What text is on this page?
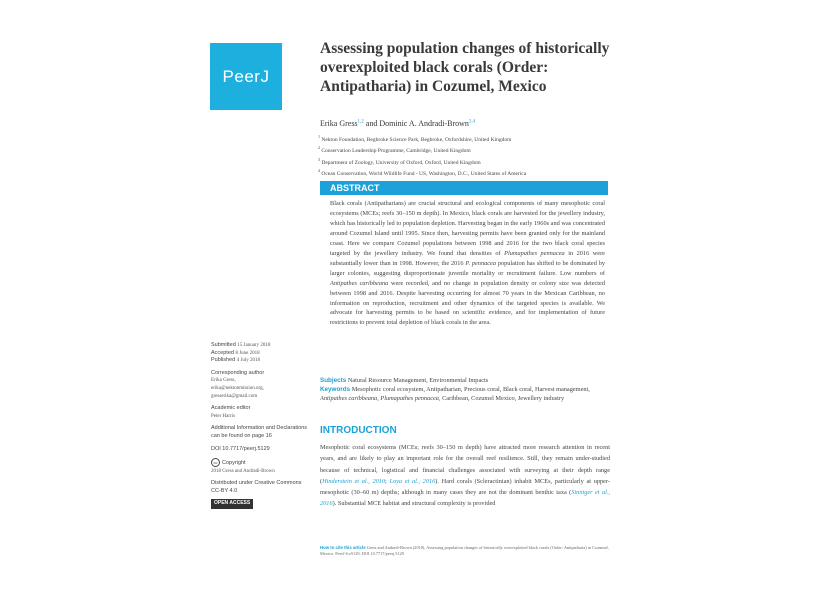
PeerJ
Assessing population changes of historically overexploited black corals (Order: Antipatharia) in Cozumel, Mexico
Erika Gress$^{1,2}$ and Dominic A. Andradi-Brown$^{3,4}$
$^1$ Nekton Foundation, Begbroke Science Park, Begbroke, Oxfordshire, United Kingdom
$^2$ Conservation Leadership Programme, Cambridge, United Kingdom
$^3$ Department of Zoology, University of Oxford, Oxford, United Kingdom
$^4$ Ocean Conservation, World Wildlife Fund - US, Washington, D.C., United States of America
ABSTRACT
Black corals (Antipatharians) are crucial structural and ecological components of many mesophotic coral ecosystems (MCEs; reefs 30–150 m depth). In Mexico, black corals are harvested for the jewellery industry, which has historically led to population depletion. Harvesting began in the early 1960s and was concentrated around Cozumel Island until 1995. Since then, harvesting permits have been granted only for the mainland coast. Here we compare Cozumel populations between 1998 and 2016 for the two black coral species targeted by the jewellery industry. We found that densities of Plumapathes pennacea in 2016 were substantially lower than in 1998. However, the 2016 P. pennacea population has shifted to be dominated by larger colonies, suggesting disproportionate juvenile mortality or recruitment failure. Low numbers of Antipathes caribbeana were recorded, and no change in population density or colony size was detected between 1998 and 2016. Despite harvesting occurring for almost 70 years in the Mexican Caribbean, no information on reproduction, recruitment and other dynamics of the targeted species is available. We advocate for harvesting permits to be based on scientific evidence, and for implementation of future restrictions to prevent total depletion of black corals in the area.
Submitted 15 January 2018
Accepted 8 June 2018
Published 4 July 2018
Corresponding author
Erika Gress,
erika@nektonmission.org,
gresserika@gmail.com
Academic editor
Peter Harris
Additional Information and Declarations can be found on page 16
DOI 10.7717/peerj.5129
cc Copyright
2018 Gress and Andradi-Brown
Distributed under Creative Commons CC-BY 4.0
OPEN ACCESS
Subjects Natural Resource Management, Environmental Impacts
Keywords Mesophotic coral ecosystem, Antipatharian, Precious coral, Black coral, Harvest management, Antipathes caribbeana, Plumapathes pennacea, Caribbean, Cozumel Mexico, Jewellery industry
INTRODUCTION
Mesophotic coral ecosystems (MCEs; reefs 30–150 m depth) have attracted more research attention in recent years, and are likely to play an important role for the overall reef resilience. Still, they remain under-studied because of technical, logistical and financial challenges associated with surveying at their depth range (Hinderstein et al., 2010; Loya et al., 2016). Hard corals (Scleractinian) inhabit MCEs, particularly at upper-mesophotic (30–60 m) depths; although in many cases they are not the dominant benthic taxa (Sinniger et al., 2016). Substantial MCE habitat and structural complexity is provided
How to cite this article Gress and Andradi-Brown (2018), Assessing population changes of historically overexploited black corals (Order: Antipatharia) in Cozumel, Mexico. PeerJ 6:e5129; DOI 10.7717/peerj.5129
